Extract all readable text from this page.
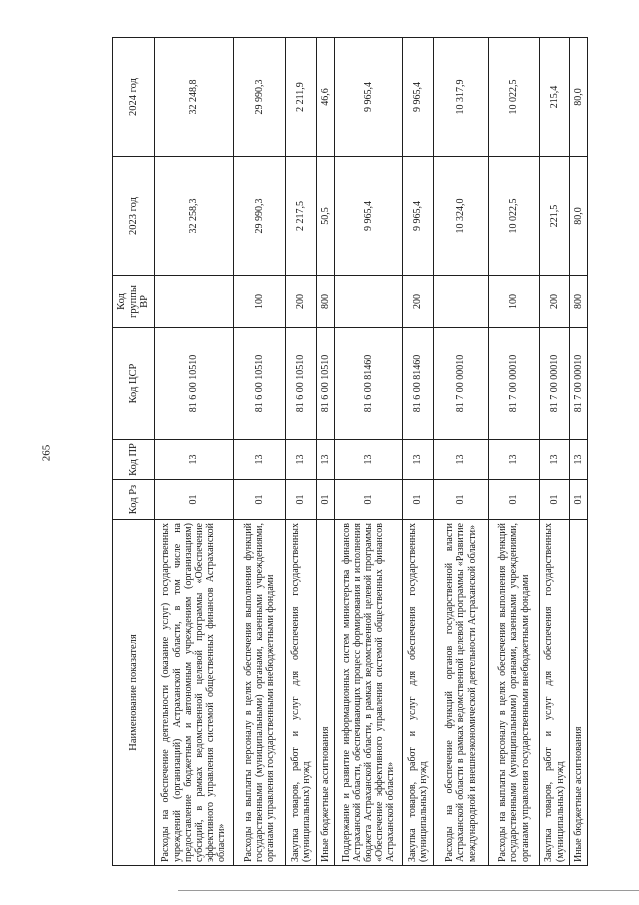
265
Наименование показателя	Код Рз	Код ПР	Код ЦСР	Код группы ВР	2023 год	2024 год
Расходы на обеспечение деятельности (оказание услуг) государственных учреждений (организаций) Астраханской области, в том числе на предоставление бюджетным и автономным учреждениям (организациям) субсидий, в рамках ведомственной целевой программы «Обеспечение эффективного управления системой общественных финансов Астраханской области»	01	13	81 6 00 10510		32 258,3	32 248,8
Расходы на выплаты персоналу в целях обеспечения выполнения функций государственными (муниципальными) органами, казенными учреждениями, органами управления государственными внебюджетными фондами	01	13	81 6 00 10510	100	29 990,3	29 990,3
Закупка товаров, работ и услуг для обеспечения государственных (муниципальных) нужд	01	13	81 6 00 10510	200	2 217,5	2 211,9
Иные бюджетные ассигнования	01	13	81 6 00 10510	800	50,5	46,6
Поддержание и развитие информационных систем министерства финансов Астраханской области, обеспечивающих процесс формирования и исполнения бюджета Астраханской области, в рамках ведомственной целевой программы «Обеспечение эффективного управления системой общественных финансов Астраханской области»	01	13	81 6 00 81460		9 965,4	9 965,4
Закупка товаров, работ и услуг для обеспечения государственных (муниципальных) нужд	01	13	81 6 00 81460	200	9 965,4	9 965,4
Расходы на обеспечение функций органов государственной власти Астраханской области в рамках ведомственной целевой программы «Развитие международной и внешнеэкономической деятельности Астраханской области»	01	13	81 7 00 00010		10 324,0	10 317,9
Расходы на выплаты персоналу в целях обеспечения выполнения функций государственными (муниципальными) органами, казенными учреждениями, органами управления государственными внебюджетными фондами	01	13	81 7 00 00010	100	10 022,5	10 022,5
Закупка товаров, работ и услуг для обеспечения государственных (муниципальных) нужд	01	13	81 7 00 00010	200	221,5	215,4
Иные бюджетные ассигнования	01	13	81 7 00 00010	800	80,0	80,0
